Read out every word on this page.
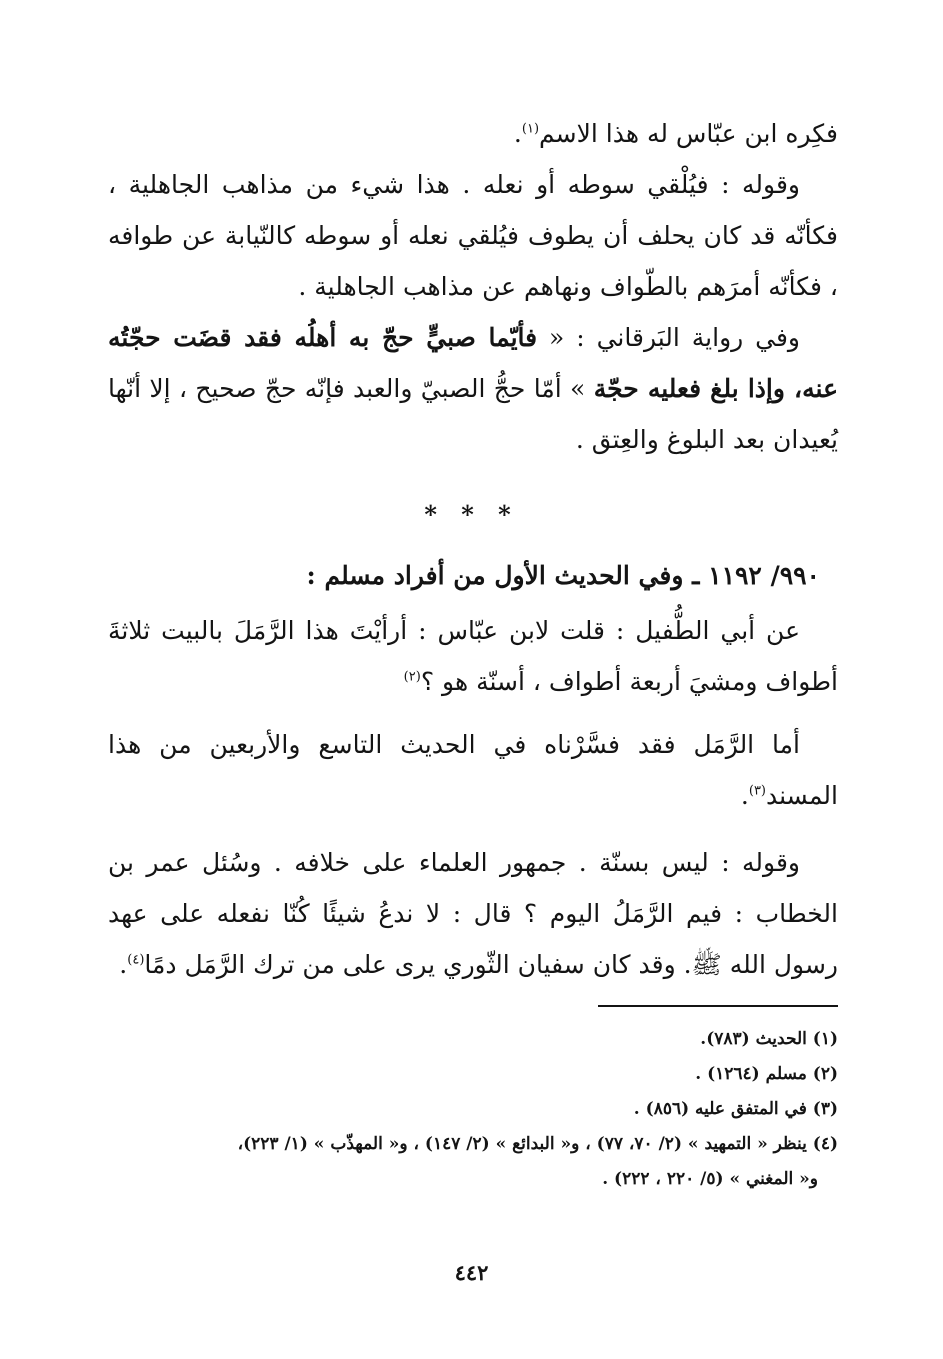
فكِره ابن عبّاس له هذا الاسم$^{(١)}$.

وقوله : فيُلْقي سوطه أو نعله . هذا شيء من مذاهب الجاهلية ، فكأنّه قد كان يحلف أن يطوف فيُلقي نعله أو سوطه كالنّيابة عن طوافه ، فكأنّه أمرَهم بالطّواف ونهاهم عن مذاهب الجاهلية .

وفي رواية البَرقاني : « فأيّما صبيٍّ حجّ به أهلُه فقد قضَت حجّتُه عنه، وإذا بلغ فعليه حجّة » أمّا حجُّ الصبيّ والعبد فإنّه حجّ صحيح ، إلا أنّها يُعيدان بعد البلوغ والعِتق .

* * *
٩٩٠/ ١١٩٢ ـ وفي الحديث الأول من أفراد مسلم :

عن أبي الطُّفيل : قلت لابن عبّاس : أرأيْتَ هذا الرَّمَلَ بالبيت ثلاثةَ أطواف ومشيَ أربعة أطواف ، أسنّة هو ؟$^{(٢)}$

أما الرَّمَل فقد فسَّرْناه في الحديث التاسع والأربعين من هذا المسند$^{(٣)}$.

وقوله : ليس بسنّة . جمهور العلماء على خلافه . وسُئل عمر بن الخطاب : فيم الرَّمَلُ اليوم ؟ قال : لا ندعُ شيئًا كُنّا نفعله على عهد رسول الله ﷺ. وقد كان سفيان الثّوري يرى على من ترك الرَّمَل دمًا$^{(٤)}$.

(١) الحديث (٧٨٣).

(٢) مسلم (١٢٦٤) .

(٣) في المتفق عليه (٨٥٦) .

(٤) ينظر « التمهيد » (٢/ ٧٠، ٧٧) ، و« البدائع » (٢/ ١٤٧) ، و« المهذّب » (١/ ٢٢٣)،

و« المغني » (٥/ ٢٢٠ ، ٢٢٢) .

٤٤٢
